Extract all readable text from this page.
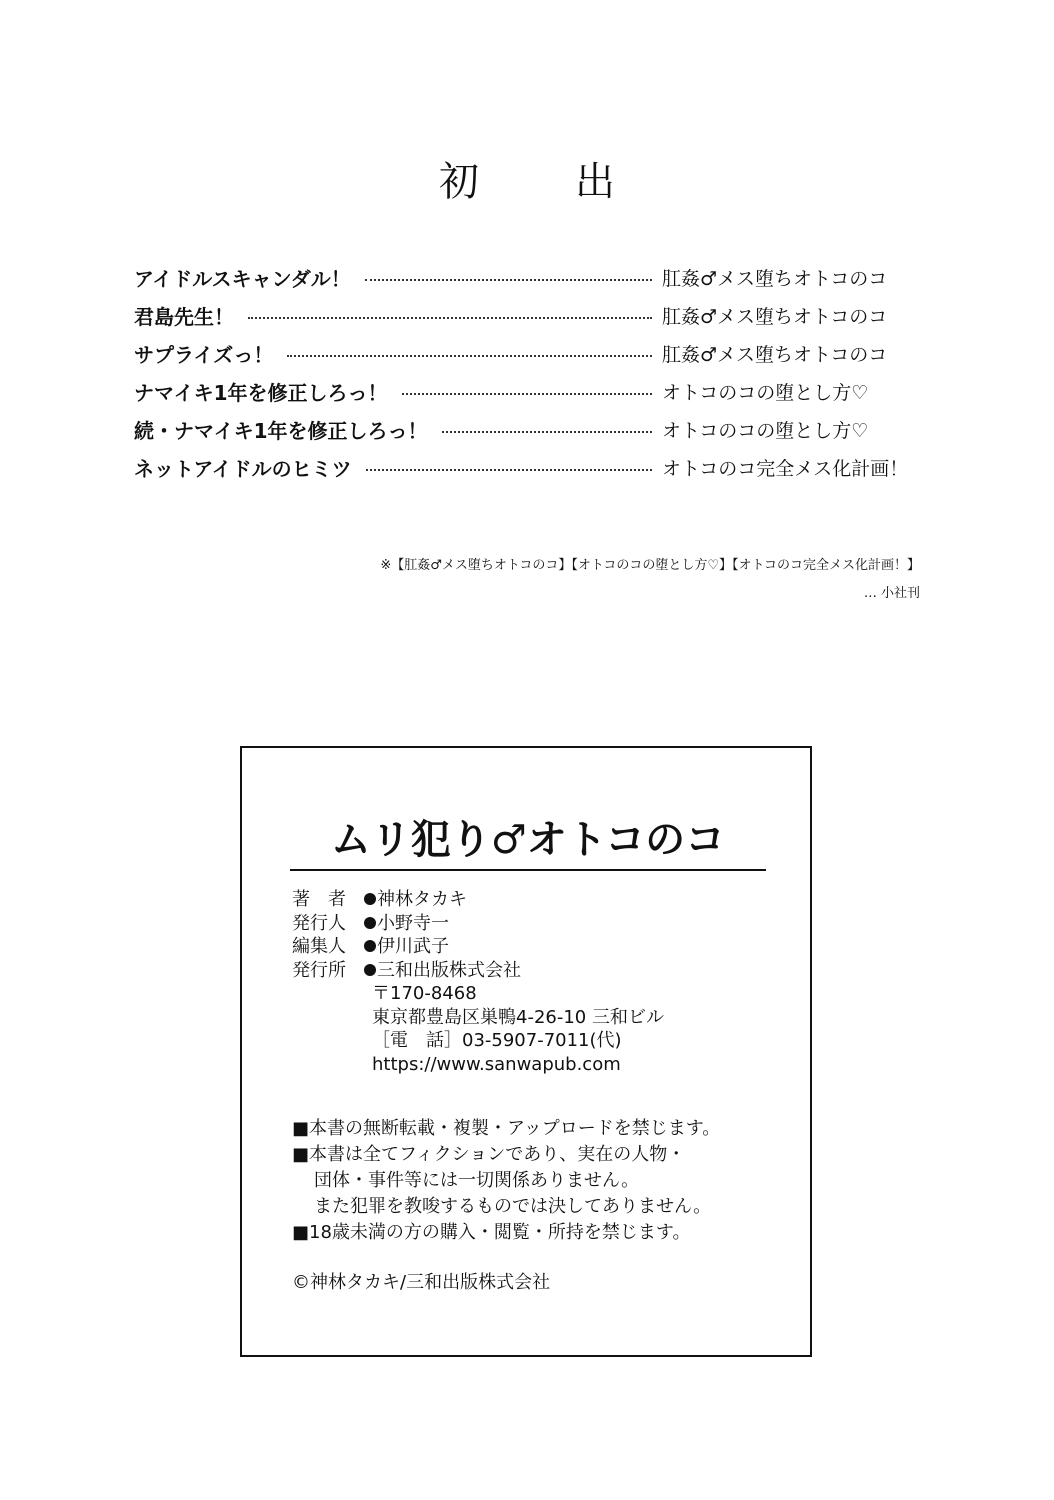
初　出
アイドルスキャンダル！	肛姦♂メス堕ちオトコのコ
君島先生！	肛姦♂メス堕ちオトコのコ
サプライズっ！	肛姦♂メス堕ちオトコのコ
ナマイキ1年を修正しろっ！	オトコのコの堕とし方♡
続・ナマイキ1年を修正しろっ！	オトコのコの堕とし方♡
ネットアイドルのヒミツ	オトコのコ完全メス化計画！
※【肛姦♂メス堕ちオトコのコ】【オトコのコの堕とし方♡】【オトコのコ完全メス化計画！】
… 小社刊
ムリ犯り♂オトコのコ
著　者 神林タカキ
発行人 小野寺一
編集人 伊川武子
発行所 三和出版株式会社
〒170-8468
東京都豊島区巣鴨4-26-10 三和ビル
［電　話］03-5907-7011(代)
https://www.sanwapub.com
■本書の無断転載・複製・アップロードを禁じます。
■本書は全てフィクションであり、実在の人物・
団体・事件等には一切関係ありません。
また犯罪を教唆するものでは決してありません。
■18歳未満の方の購入・閲覧・所持を禁じます。
©神林タカキ/三和出版株式会社
